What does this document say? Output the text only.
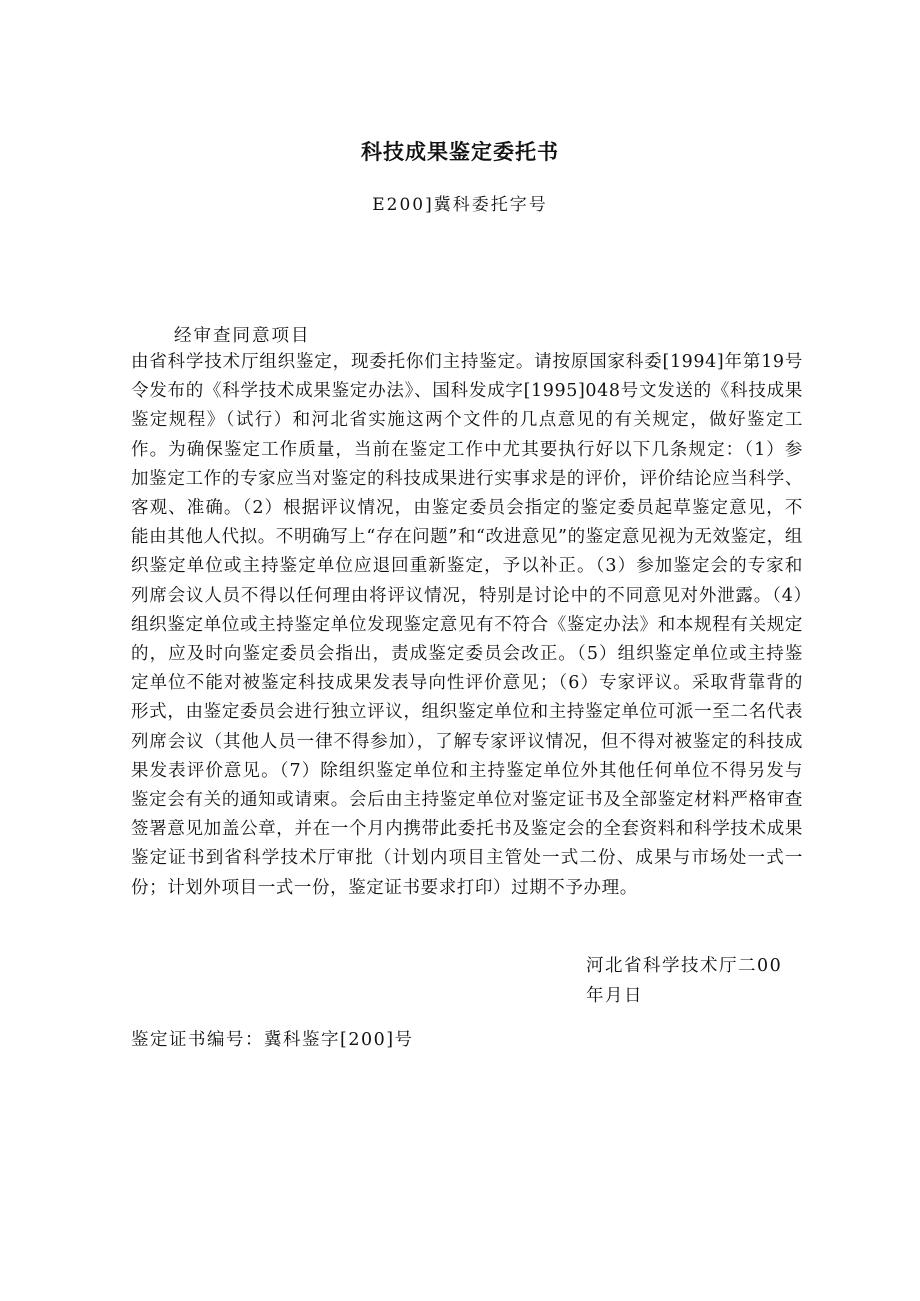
科技成果鉴定委托书
E200]冀科委托字号
经审查同意项目

由省科学技术厅组织鉴定，现委托你们主持鉴定。请按原国家科委[1994]年第19号令发布的《科学技术成果鉴定办法》、国科发成字[1995]048号文发送的《科技成果鉴定规程》（试行）和河北省实施这两个文件的几点意见的有关规定，做好鉴定工作。为确保鉴定工作质量，当前在鉴定工作中尤其要执行好以下几条规定：（1）参加鉴定工作的专家应当对鉴定的科技成果进行实事求是的评价，评价结论应当科学、客观、准确。（2）根据评议情况，由鉴定委员会指定的鉴定委员起草鉴定意见，不能由其他人代拟。不明确写上“存在问题”和“改进意见”的鉴定意见视为无效鉴定，组织鉴定单位或主持鉴定单位应退回重新鉴定，予以补正。（3）参加鉴定会的专家和列席会议人员不得以任何理由将评议情况，特别是讨论中的不同意见对外泄露。（4）组织鉴定单位或主持鉴定单位发现鉴定意见有不符合《鉴定办法》和本规程有关规定的，应及时向鉴定委员会指出，责成鉴定委员会改正。（5）组织鉴定单位或主持鉴定单位不能对被鉴定科技成果发表导向性评价意见；（6）专家评议。采取背靠背的形式，由鉴定委员会进行独立评议，组织鉴定单位和主持鉴定单位可派一至二名代表列席会议（其他人员一律不得参加），了解专家评议情况，但不得对被鉴定的科技成果发表评价意见。（7）除组织鉴定单位和主持鉴定单位外其他任何单位不得另发与鉴定会有关的通知或请柬。会后由主持鉴定单位对鉴定证书及全部鉴定材料严格审查签署意见加盖公章，并在一个月内携带此委托书及鉴定会的全套资料和科学技术成果鉴定证书到省科学技术厅审批（计划内项目主管处一式二份、成果与市场处一式一份；计划外项目一式一份，鉴定证书要求打印）过期不予办理。

河北省科学技术厅二00
年月日
鉴定证书编号：冀科鉴字[200]号
